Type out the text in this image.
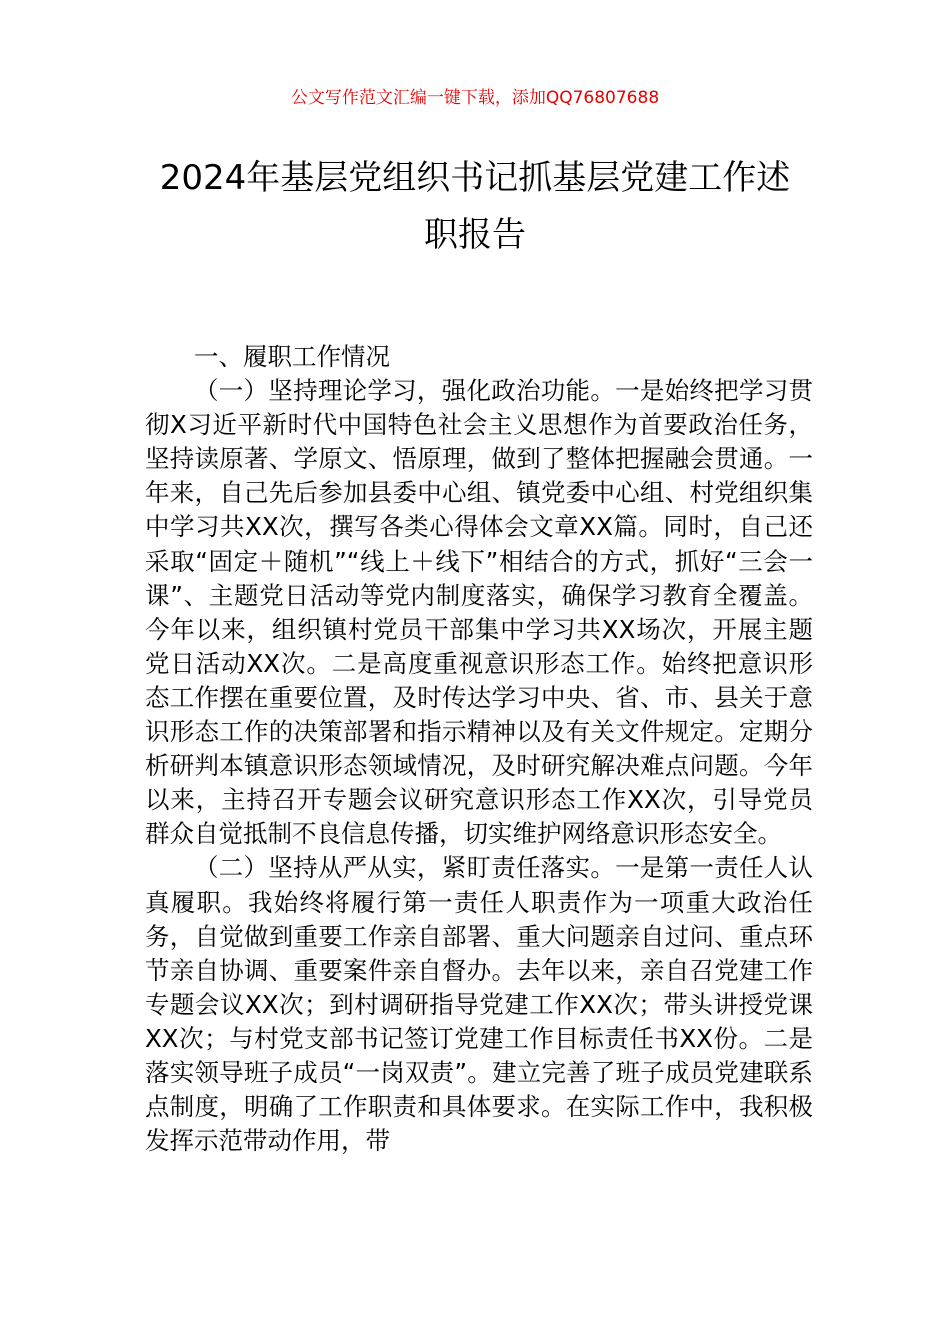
公文写作范文汇编一键下载，添加QQ76807688
2024年基层党组织书记抓基层党建工作述
职报告

一、履职工作情况

（一）坚持理论学习，强化政治功能。一是始终把学习贯彻X习近平新时代中国特色社会主义思想作为首要政治任务，坚持读原著、学原文、悟原理，做到了整体把握融会贯通。一年来，自己先后参加县委中心组、镇党委中心组、村党组织集中学习共XX次，撰写各类心得体会文章XX篇。同时，自己还采取“固定＋随机”“线上＋线下”相结合的方式，抓好“三会一课”、主题党日活动等党内制度落实，确保学习教育全覆盖。今年以来，组织镇村党员干部集中学习共XX场次，开展主题党日活动XX次。二是高度重视意识形态工作。始终把意识形态工作摆在重要位置，及时传达学习中央、省、市、县关于意识形态工作的决策部署和指示精神以及有关文件规定。定期分析研判本镇意识形态领域情况，及时研究解决难点问题。今年以来，主持召开专题会议研究意识形态工作XX次，引导党员群众自觉抵制不良信息传播，切实维护网络意识形态安全。

（二）坚持从严从实，紧盯责任落实。一是第一责任人认真履职。我始终将履行第一责任人职责作为一项重大政治任务，自觉做到重要工作亲自部署、重大问题亲自过问、重点环节亲自协调、重要案件亲自督办。去年以来，亲自召党建工作专题会议XX次；到村调研指导党建工作XX次；带头讲授党课XX次；与村党支部书记签订党建工作目标责任书XX份。二是落实领导班子成员“一岗双责”。建立完善了班子成员党建联系点制度，明确了工作职责和具体要求。在实际工作中，我积极发挥示范带动作用，带
